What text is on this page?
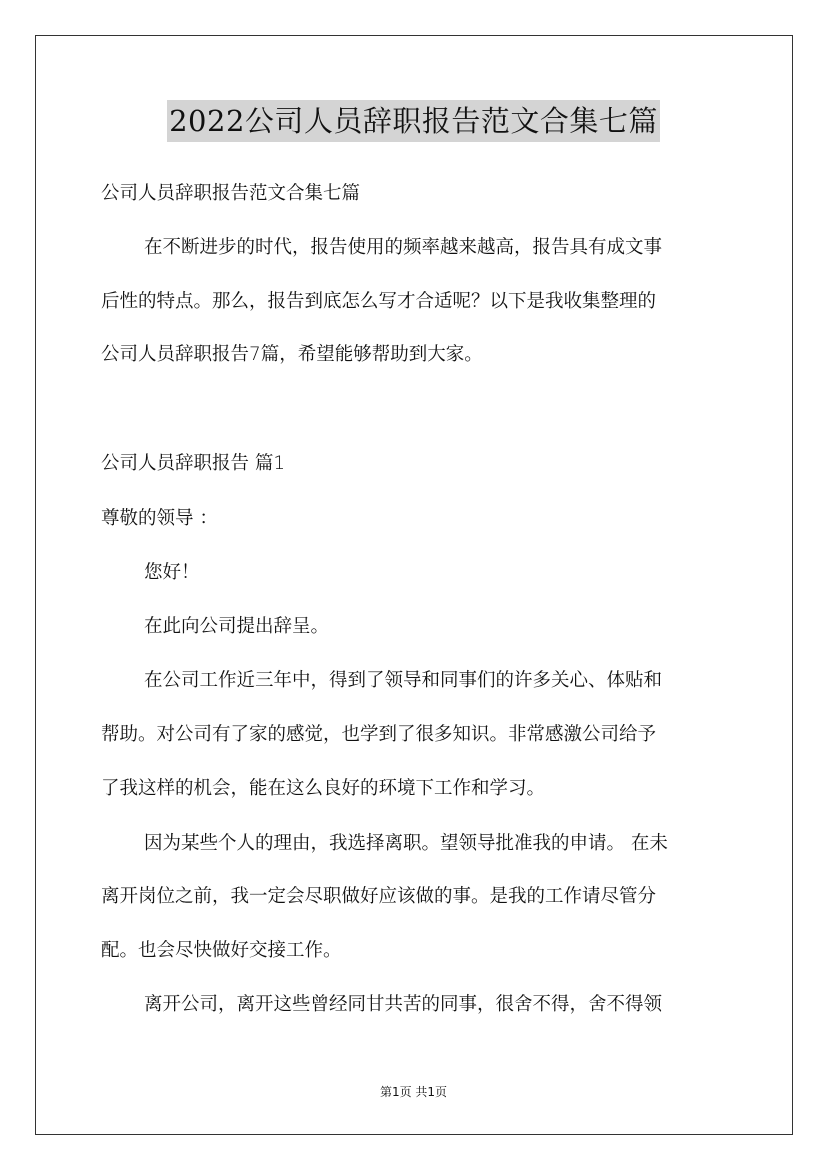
2022公司人员辞职报告范文合集七篇
公司人员辞职报告范文合集七篇
在不断进步的时代，报告使用的频率越来越高，报告具有成文事
后性的特点。那么，报告到底怎么写才合适呢？以下是我收集整理的
公司人员辞职报告7篇，希望能够帮助到大家。
公司人员辞职报告 篇1
尊敬的领导 ：
您好！
在此向公司提出辞呈。
在公司工作近三年中，得到了领导和同事们的许多关心、体贴和
帮助。对公司有了家的感觉，也学到了很多知识。非常感激公司给予
了我这样的机会，能在这么良好的环境下工作和学习。
因为某些个人的理由，我选择离职。望领导批准我的申请。 在未
离开岗位之前，我一定会尽职做好应该做的事。是我的工作请尽管分
配。也会尽快做好交接工作。
离开公司，离开这些曾经同甘共苦的同事，很舍不得，舍不得领
第1页 共1页
